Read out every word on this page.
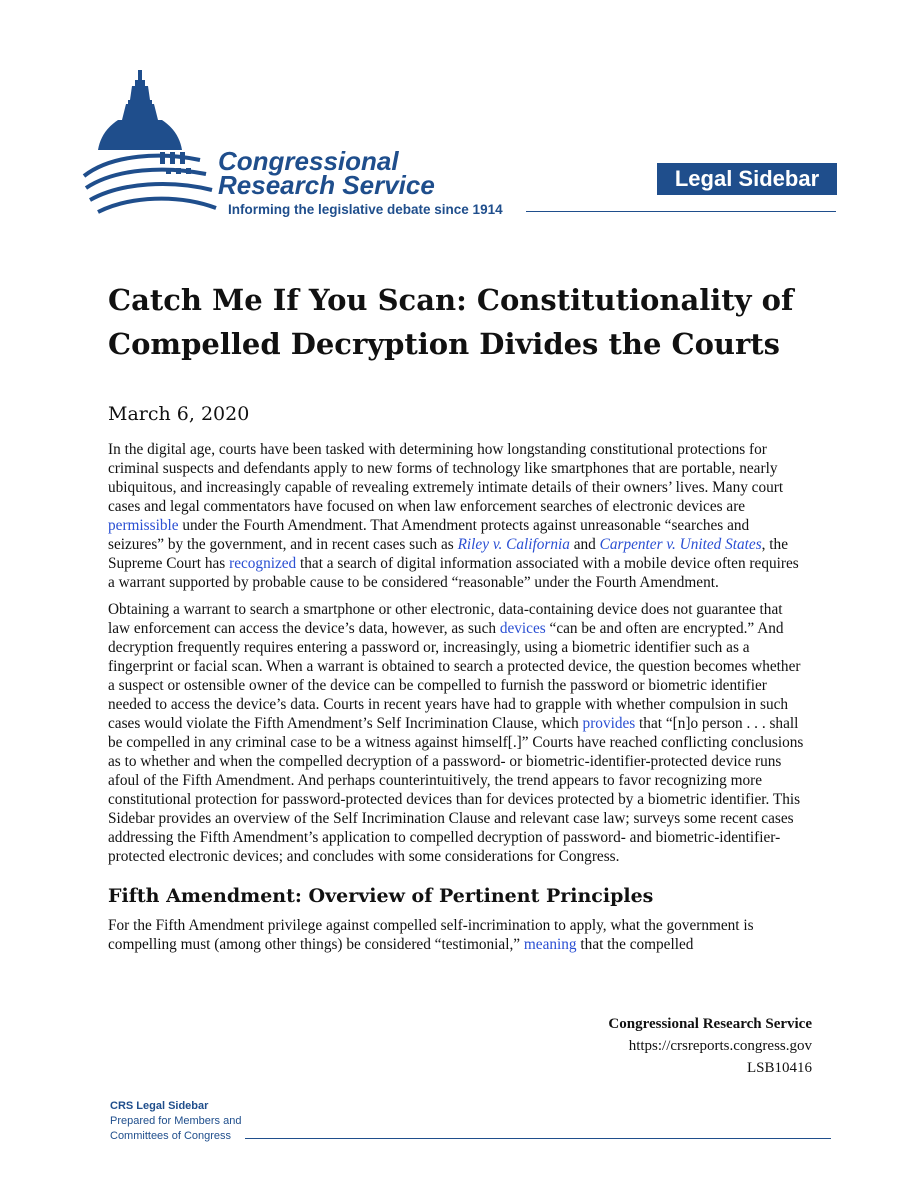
Congressional
Research Service
Informing the legislative debate since 1914
Legal Sidebar
Catch Me If You Scan: Constitutionality of Compelled Decryption Divides the Courts
March 6, 2020

In the digital age, courts have been tasked with determining how longstanding constitutional protections for criminal suspects and defendants apply to new forms of technology like smartphones that are portable, nearly ubiquitous, and increasingly capable of revealing extremely intimate details of their owners’ lives. Many court cases and legal commentators have focused on when law enforcement searches of electronic devices are permissible under the Fourth Amendment. That Amendment protects against unreasonable “searches and seizures” by the government, and in recent cases such as Riley v. California and Carpenter v. United States, the Supreme Court has recognized that a search of digital information associated with a mobile device often requires a warrant supported by probable cause to be considered “reasonable” under the Fourth Amendment.

Obtaining a warrant to search a smartphone or other electronic, data-containing device does not guarantee that law enforcement can access the device’s data, however, as such devices “can be and often are encrypted.” And decryption frequently requires entering a password or, increasingly, using a biometric identifier such as a fingerprint or facial scan. When a warrant is obtained to search a protected device, the question becomes whether a suspect or ostensible owner of the device can be compelled to furnish the password or biometric identifier needed to access the device’s data. Courts in recent years have had to grapple with whether compulsion in such cases would violate the Fifth Amendment’s Self Incrimination Clause, which provides that “[n]o person . . . shall be compelled in any criminal case to be a witness against himself[.]” Courts have reached conflicting conclusions as to whether and when the compelled decryption of a password- or biometric-identifier-protected device runs afoul of the Fifth Amendment. And perhaps counterintuitively, the trend appears to favor recognizing more constitutional protection for password-protected devices than for devices protected by a biometric identifier. This Sidebar provides an overview of the Self Incrimination Clause and relevant case law; surveys some recent cases addressing the Fifth Amendment’s application to compelled decryption of password- and biometric-identifier-protected electronic devices; and concludes with some considerations for Congress.

Fifth Amendment: Overview of Pertinent Principles

For the Fifth Amendment privilege against compelled self-incrimination to apply, what the government is compelling must (among other things) be considered “testimonial,” meaning that the compelled

Congressional Research Service
https://crsreports.congress.gov
LSB10416
CRS Legal Sidebar
Prepared for Members and
Committees of Congress
